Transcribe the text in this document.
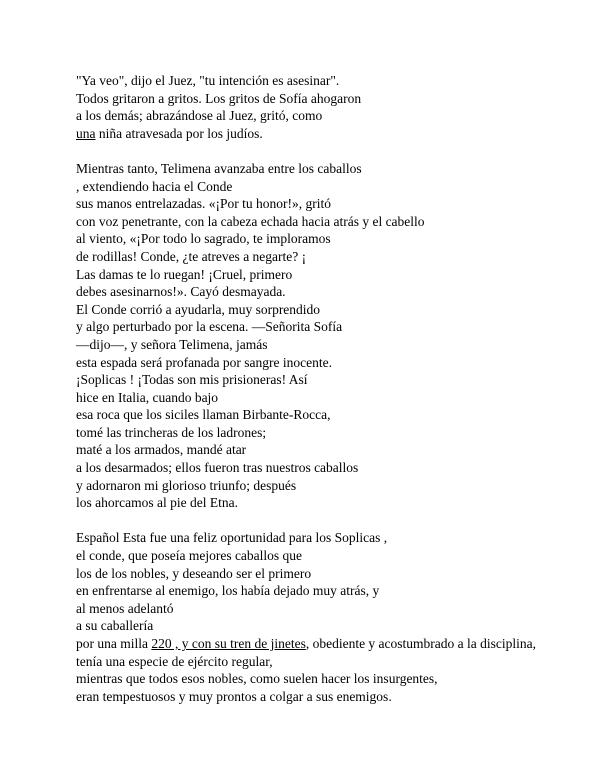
"Ya veo", dijo el Juez, "tu intención es asesinar".
Todos gritaron a gritos. Los gritos de Sofía ahogaron
a los demás; abrazándose al Juez, gritó, como
una niña atravesada por los judíos.
Mientras tanto, Telimena avanzaba entre los caballos
, extendiendo hacia el Conde
sus manos entrelazadas. «¡Por tu honor!», gritó
con voz penetrante, con la cabeza echada hacia atrás y el cabello
al viento, «¡Por todo lo sagrado, te imploramos
de rodillas! Conde, ¿te atreves a negarte? ¡
Las damas te lo ruegan! ¡Cruel, primero
debes asesinarnos!». Cayó desmayada.
El Conde corrió a ayudarla, muy sorprendido
y algo perturbado por la escena. —Señorita Sofía
—dijo—, y señora Telimena, jamás
esta espada será profanada por sangre inocente.
¡Soplicas ! ¡Todas son mis prisioneras! Así
hice en Italia, cuando bajo
esa roca que los siciles llaman Birbante-Rocca,
tomé las trincheras de los ladrones;
maté a los armados, mandé atar
a los desarmados; ellos fueron tras nuestros caballos
y adornaron mi glorioso triunfo; después
los ahorcamos al pie del Etna.
Español Esta fue una feliz oportunidad para los Soplicas ,
el conde, que poseía mejores caballos que
los de los nobles, y deseando ser el primero
en enfrentarse al enemigo, los había dejado muy atrás, y
al menos adelantó
a su caballería
por una milla 220 , y con su tren de jinetes, obediente y acostumbrado a la disciplina,
tenía una especie de ejército regular,
mientras que todos esos nobles, como suelen hacer los insurgentes,
eran tempestuosos y muy prontos a colgar a sus enemigos.
